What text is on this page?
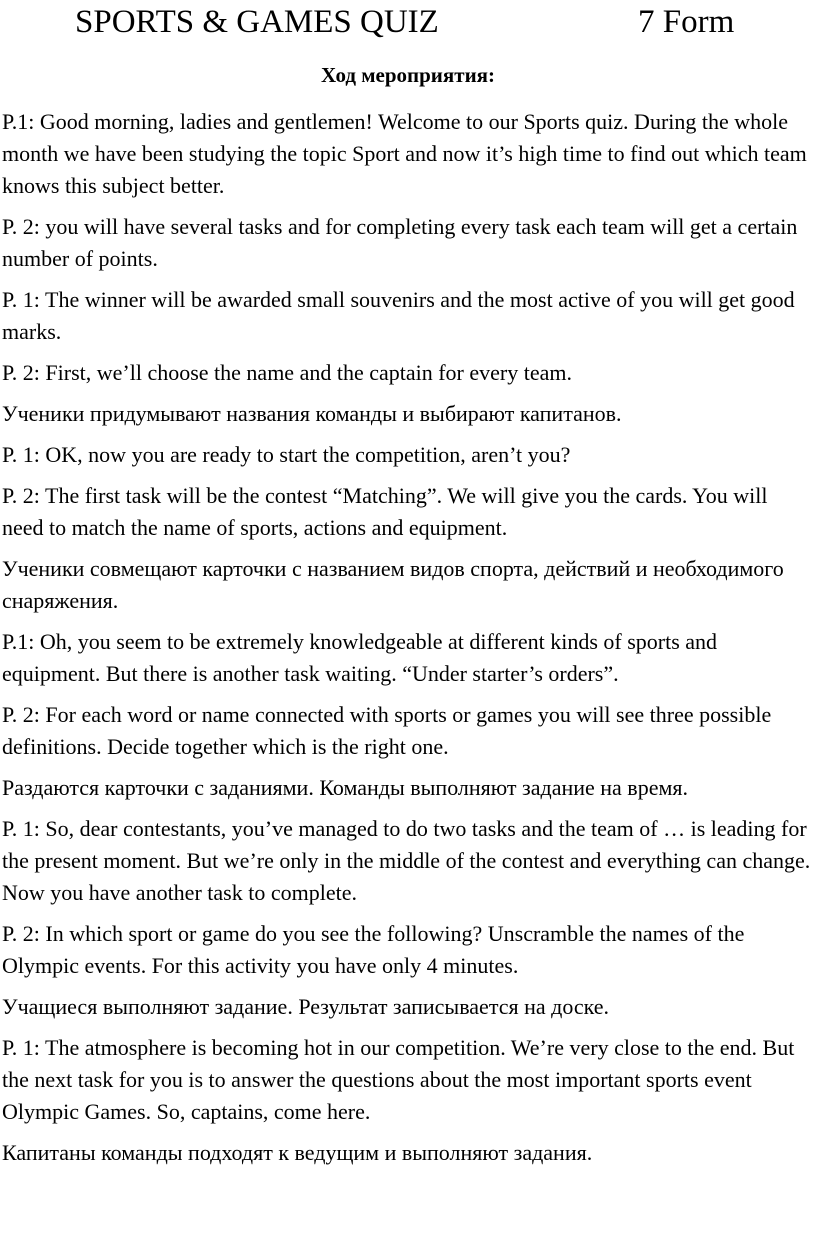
SPORTS & GAMES QUIZ	7 Form
Ход мероприятия:

P.1: Good morning, ladies and gentlemen! Welcome to our Sports quiz. During the whole month we have been studying the topic Sport and now it’s high time to find out which team knows this subject better.

P. 2: you will have several tasks and for completing every task each team will get a certain number of points.

P. 1: The winner will be awarded small souvenirs and the most active of you will get good marks.

P. 2: First, we’ll choose the name and the captain for every team.

Ученики придумывают названия команды и выбирают капитанов.

P. 1: OK, now you are ready to start the competition, aren’t you?

P. 2: The first task will be the contest “Matching”. We will give you the cards. You will need to match the name of sports, actions and equipment.

Ученики совмещают карточки с названием видов спорта, действий и необходимого снаряжения.

P.1: Oh, you seem to be extremely knowledgeable at different kinds of sports and equipment. But there is another task waiting. “Under starter’s orders”.

P. 2: For each word or name connected with sports or games you will see three possible definitions. Decide together which is the right one.

Раздаются карточки с заданиями. Команды выполняют задание на время.

P. 1: So, dear contestants, you’ve managed to do two tasks and the team of … is leading for the present moment. But we’re only in the middle of the contest and everything can change. Now you have another task to complete.

P. 2: In which sport or game do you see the following? Unscramble the names of the Olympic events. For this activity you have only 4 minutes.

Учащиеся выполняют задание. Результат записывается на доске.

P. 1: The atmosphere is becoming hot in our competition. We’re very close to the end. But the next task for you is to answer the questions about the most important sports event Olympic Games. So, captains, come here.

Капитаны команды подходят к ведущим и выполняют задания.
